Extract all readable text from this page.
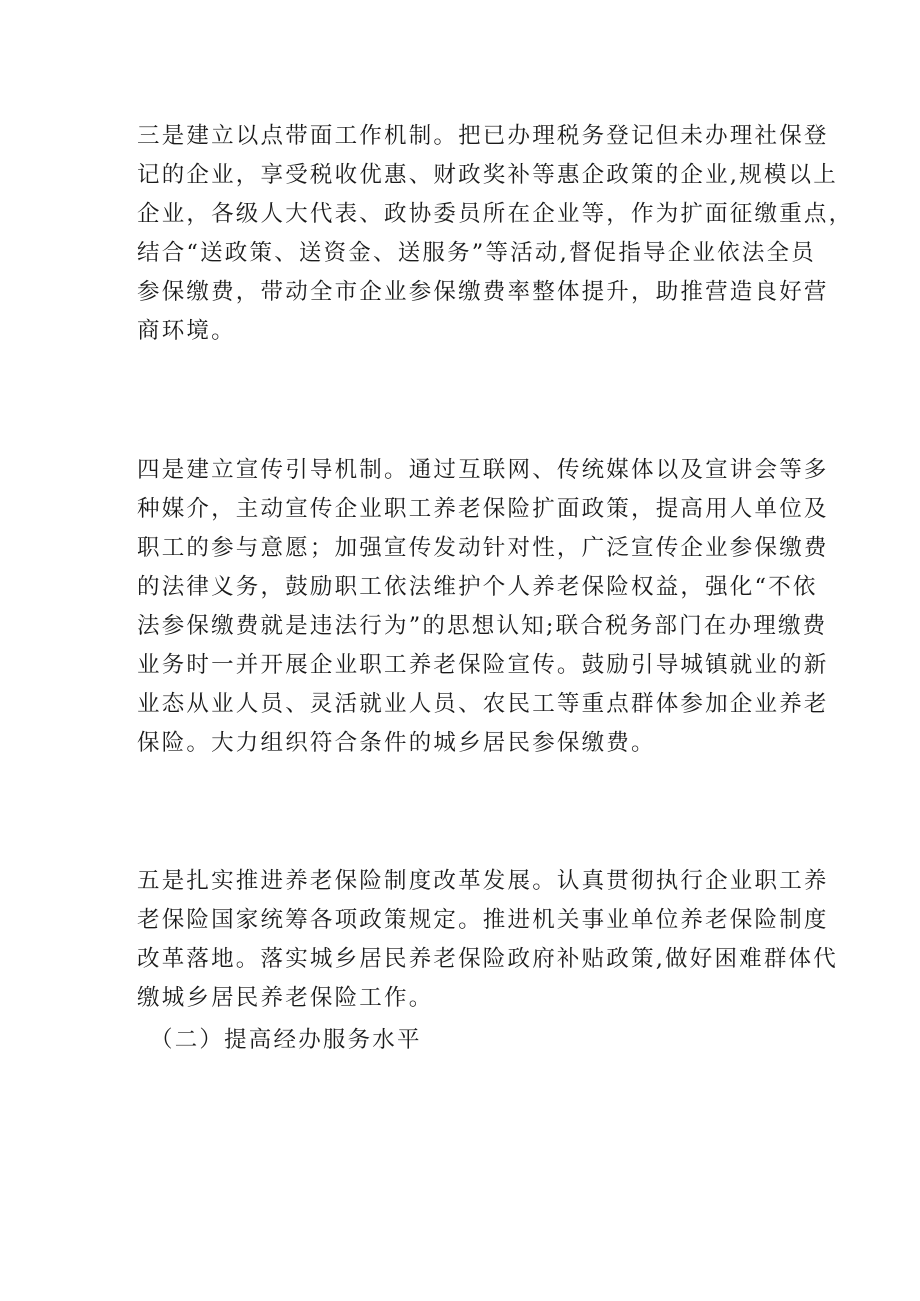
三是建立以点带面工作机制。把已办理税务登记但未办理社保登
记的企业，享受税收优惠、财政奖补等惠企政策的企业,规模以上
企业，各级人大代表、政协委员所在企业等，作为扩面征缴重点，
结合“送政策、送资金、送服务”等活动,督促指导企业依法全员
参保缴费，带动全市企业参保缴费率整体提升，助推营造良好营
商环境。
四是建立宣传引导机制。通过互联网、传统媒体以及宣讲会等多
种媒介，主动宣传企业职工养老保险扩面政策，提高用人单位及
职工的参与意愿；加强宣传发动针对性，广泛宣传企业参保缴费
的法律义务，鼓励职工依法维护个人养老保险权益，强化“不依
法参保缴费就是违法行为”的思想认知;联合税务部门在办理缴费
业务时一并开展企业职工养老保险宣传。鼓励引导城镇就业的新
业态从业人员、灵活就业人员、农民工等重点群体参加企业养老
保险。大力组织符合条件的城乡居民参保缴费。
五是扎实推进养老保险制度改革发展。认真贯彻执行企业职工养
老保险国家统筹各项政策规定。推进机关事业单位养老保险制度
改革落地。落实城乡居民养老保险政府补贴政策,做好困难群体代
缴城乡居民养老保险工作。

（二）提高经办服务水平
